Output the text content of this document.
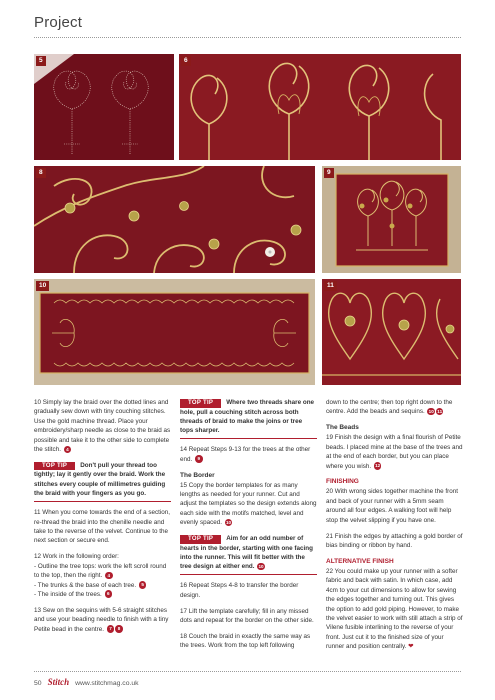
Project
5	6
8	9
10	11

10 Simply lay the braid over the dotted lines and gradually sew down with tiny couching stitches. Use the gold machine thread. Place your embroidery/sharp needle as close to the braid as possible and take it to the other side to complete the stitch. 4

TOP TIP Don't pull your thread too tightly; lay it gently over the braid. Work the stitches every couple of millimetres guiding the braid with your fingers as you go.

11 When you come towards the end of a section, re-thread the braid into the chenille needle and take to the reverse of the velvet. Continue to the next section or secure end.

12 Work in the following order:

- Outline the tree tops: work the left scroll round to the top, then the right. 4

- The trunks & the base of each tree. 5

- The inside of the trees. 6

13 Sew on the sequins with 5-6 straight stitches and use your beading needle to finish with a tiny Petite bead in the centre. 7 8

TOP TIP Where two threads share one hole, pull a couching stitch across both threads of braid to make the joins or tree tops sharper.

14 Repeat Steps 9-13 for the trees at the other end. 9

The Border

15 Copy the border templates for as many lengths as needed for your runner. Cut and adjust the templates so the design extends along each side with the motifs matched, level and evenly spaced. 10

TOP TIP Aim for an odd number of hearts in the border, starting with one facing into the runner. This will fit better with the tree design at either end. 10

16 Repeat Steps 4-8 to transfer the border design.

17 Lift the template carefully; fill in any missed dots and repeat for the border on the other side.

18 Couch the braid in exactly the same way as the trees. Work from the top left following

down to the centre; then top right down to the centre. Add the beads and sequins. 10 11

The Beads

19 Finish the design with a final flourish of Petite beads. I placed mine at the base of the trees and at the end of each border, but you can place where you wish. 12

FINISHING

20 With wrong sides together machine the front and back of your runner with a 5mm seam around all four edges. A walking foot will help stop the velvet slipping if you have one.

21 Finish the edges by attaching a gold border of bias binding or ribbon by hand.

ALTERNATIVE FINISH

22 You could make up your runner with a softer fabric and back with satin. In which case, add 4cm to your cut dimensions to allow for sewing the edges together and turning out. This gives the option to add gold piping. However, to make the velvet easier to work with still attach a strip of Vilene fusible interlining to the reverse of your front. Just cut it to the finished size of your runner and position centrally. ❤

50 Stitch www.stitchmag.co.uk
